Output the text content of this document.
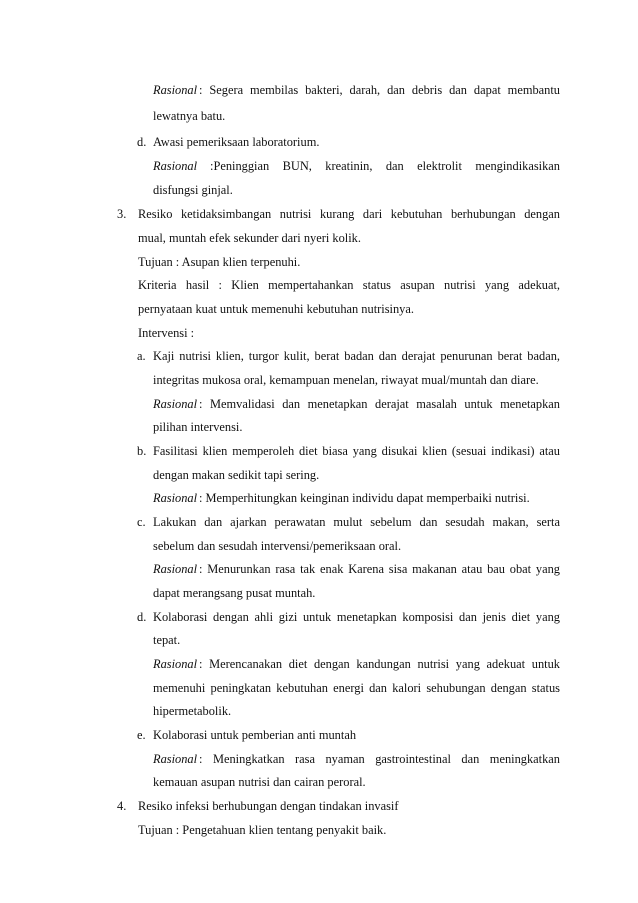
Rasional : Segera membilas bakteri, darah, dan debris dan dapat membantu
lewatnya batu.
d. Awasi pemeriksaan laboratorium.
Rasional :Peninggian BUN, kreatinin, dan elektrolit mengindikasikan
disfungsi ginjal.
3. Resiko ketidaksimbangan nutrisi kurang dari kebutuhan berhubungan dengan
mual, muntah efek sekunder dari nyeri kolik.
Tujuan : Asupan klien terpenuhi.
Kriteria hasil : Klien mempertahankan status asupan nutrisi yang adekuat,
pernyataan kuat untuk memenuhi kebutuhan nutrisinya.
Intervensi :
a. Kaji nutrisi klien, turgor kulit, berat badan dan derajat penurunan berat badan,
integritas mukosa oral, kemampuan menelan, riwayat mual/muntah dan diare.
Rasional : Memvalidasi dan menetapkan derajat masalah untuk menetapkan
pilihan intervensi.
b. Fasilitasi klien memperoleh diet biasa yang disukai klien (sesuai indikasi) atau
dengan makan sedikit tapi sering.
Rasional : Memperhitungkan keinginan individu dapat memperbaiki nutrisi.
c. Lakukan dan ajarkan perawatan mulut sebelum dan sesudah makan, serta
sebelum dan sesudah intervensi/pemeriksaan oral.
Rasional : Menurunkan rasa tak enak Karena sisa makanan atau bau obat yang
dapat merangsang pusat muntah.
d. Kolaborasi dengan ahli gizi untuk menetapkan komposisi dan jenis diet yang
tepat.
Rasional : Merencanakan diet dengan kandungan nutrisi yang adekuat untuk
memenuhi peningkatan kebutuhan energi dan kalori sehubungan dengan status
hipermetabolik.
e. Kolaborasi untuk pemberian anti muntah
Rasional : Meningkatkan rasa nyaman gastrointestinal dan meningkatkan
kemauan asupan nutrisi dan cairan peroral.
4. Resiko infeksi berhubungan dengan tindakan invasif
Tujuan : Pengetahuan klien tentang penyakit baik.
